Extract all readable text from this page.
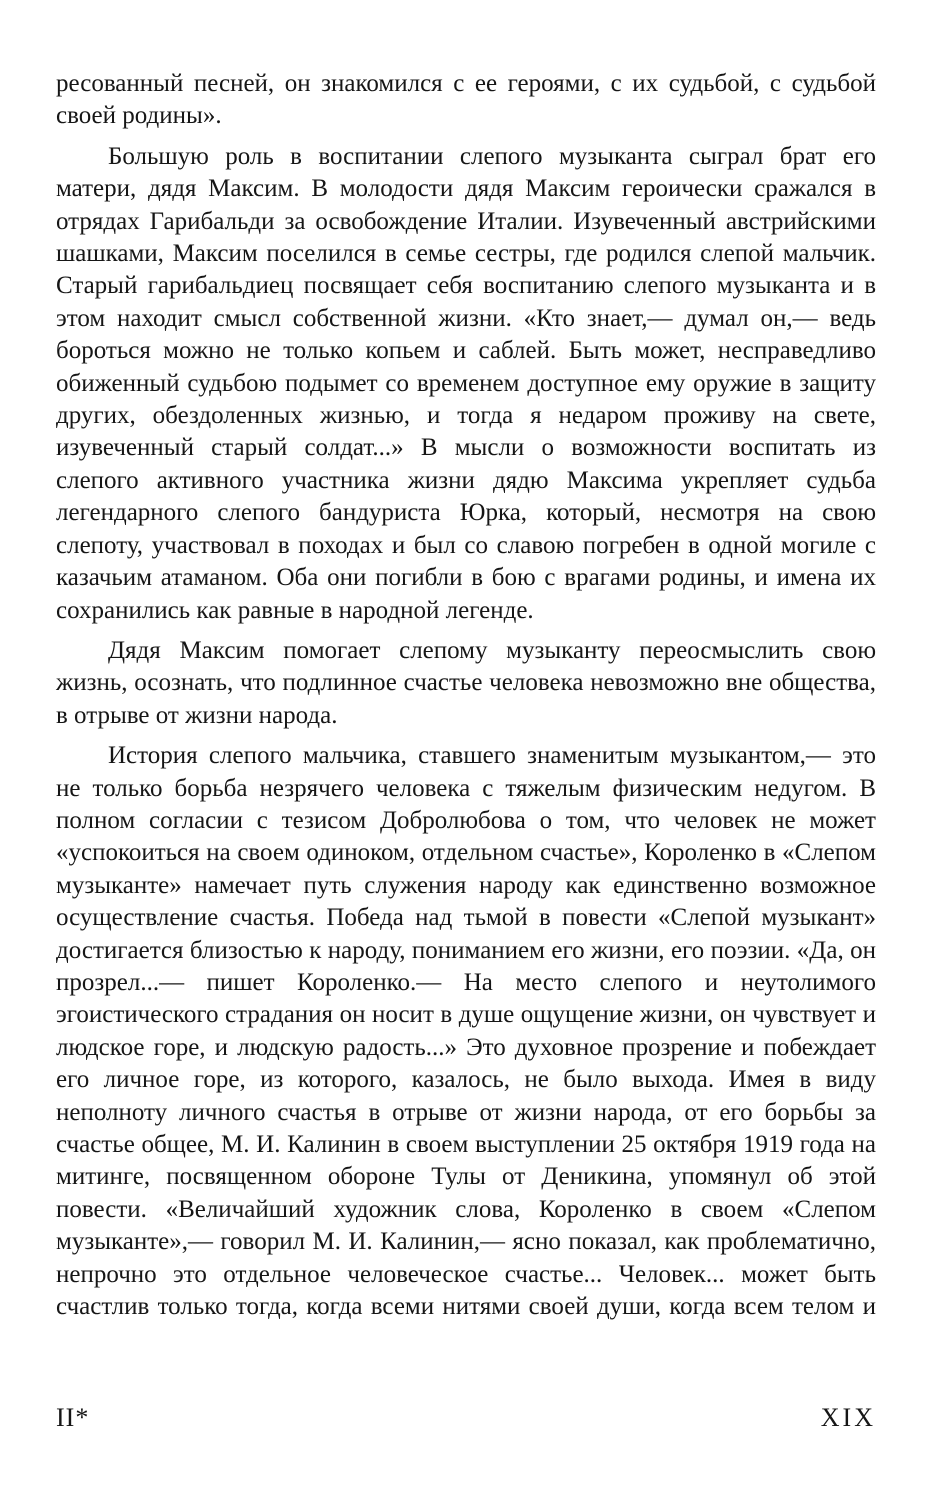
ресованный песней, он знакомился с ее героями, с их судьбой, с судьбой своей родины».

Большую роль в воспитании слепого музыканта сыграл брат его матери, дядя Максим. В молодости дядя Максим героически сражался в отрядах Гарибальди за освобождение Италии. Изувеченный австрийскими шашками, Максим поселился в семье сестры, где родился слепой мальчик. Старый гарибальдиец посвящает себя воспитанию слепого музыканта и в этом находит смысл собственной жизни. «Кто знает,— думал он,— ведь бороться можно не только копьем и саблей. Быть может, несправедливо обиженный судьбою подымет со временем доступное ему оружие в защиту других, обездоленных жизнью, и тогда я недаром проживу на свете, изувеченный старый солдат...» В мысли о возможности воспитать из слепого активного участника жизни дядю Максима укрепляет судьба легендарного слепого бандуриста Юрка, который, несмотря на свою слепоту, участвовал в походах и был со славою погребен в одной могиле с казачьим атаманом. Оба они погибли в бою с врагами родины, и имена их сохранились как равные в народной легенде.

Дядя Максим помогает слепому музыканту переосмыслить свою жизнь, осознать, что подлинное счастье человека невозможно вне общества, в отрыве от жизни народа.

История слепого мальчика, ставшего знаменитым музыкантом,— это не только борьба незрячего человека с тяжелым физическим недугом. В полном согласии с тезисом Добролюбова о том, что человек не может «успокоиться на своем одиноком, отдельном счастье», Короленко в «Слепом музыканте» намечает путь служения народу как единственно возможное осуществление счастья. Победа над тьмой в повести «Слепой музыкант» достигается близостью к народу, пониманием его жизни, его поэзии. «Да, он прозрел...— пишет Короленко.— На место слепого и неутолимого эгоистического страдания он носит в душе ощущение жизни, он чувствует и людское горе, и людскую радость...» Это духовное прозрение и побеждает его личное горе, из которого, казалось, не было выхода. Имея в виду неполноту личного счастья в отрыве от жизни народа, от его борьбы за счастье общее, М. И. Калинин в своем выступлении 25 октября 1919 года на митинге, посвященном обороне Тулы от Деникина, упомянул об этой повести. «Величайший художник слова, Короленко в своем «Слепом музыканте»,— говорил М. И. Калинин,— ясно показал, как проблематично, непрочно это отдельное человеческое счастье... Человек... может быть счастлив только тогда, когда всеми нитями своей души, когда всем телом и

II*	XIX
